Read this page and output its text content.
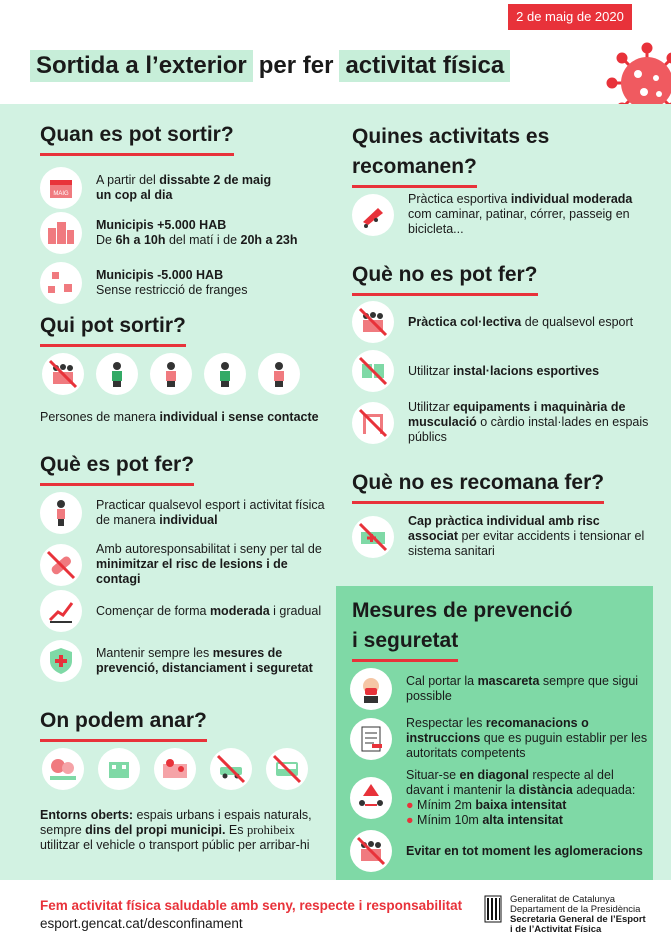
2 de maig de 2020
Sortida a l’exterior per fer activitat física
Quan es pot sortir?
MAIG
A partir del dissabte 2 de maig
un cop al dia
Municipis +5.000 HAB
De 6h a 10h del matí i de 20h a 23h
Municipis -5.000 HAB
Sense restricció de franges
Qui pot sortir?
Persones de manera individual i sense contacte
Què es pot fer?
Practicar qualsevol esport i activitat física de manera individual
Amb autoresponsabilitat i seny per tal de minimitzar el risc de lesions i de contagi
Començar de forma moderada i gradual
Mantenir sempre les mesures de prevenció, distanciament i seguretat
On podem anar?
Entorns oberts: espais urbans i espais naturals, sempre dins del propi municipi. Es prohibeix utilitzar el vehicle o transport públic per arribar-hi
Quines activitats es
recomanen?
Pràctica esportiva individual moderada com caminar, patinar, córrer, passeig en bicicleta...
Què no es pot fer?
Pràctica col·lectiva de qualsevol esport
Utilitzar instal·lacions esportives
Utilitzar equipaments i maquinària de musculació o càrdio instal·lades en espais públics
Què no es recomana fer?
Cap pràctica individual amb risc associat per evitar accidents i tensionar el sistema sanitari
Mesures de prevenció
i seguretat
Cal portar la mascareta sempre que sigui possible
Respectar les recomanacions o instruccions que es puguin establir per les autoritats competents
Situar-se en diagonal respecte al del davant i mantenir la distància adequada:
● Mínim 2m baixa intensitat
● Mínim 10m alta intensitat
Evitar en tot moment les aglomeracions
Fem activitat física saludable amb seny, respecte i responsabilitat
esport.gencat.cat/desconfinament
Generalitat de Catalunya
Departament de la Presidència
Secretaria General de l’Esport
i de l’Activitat Física
